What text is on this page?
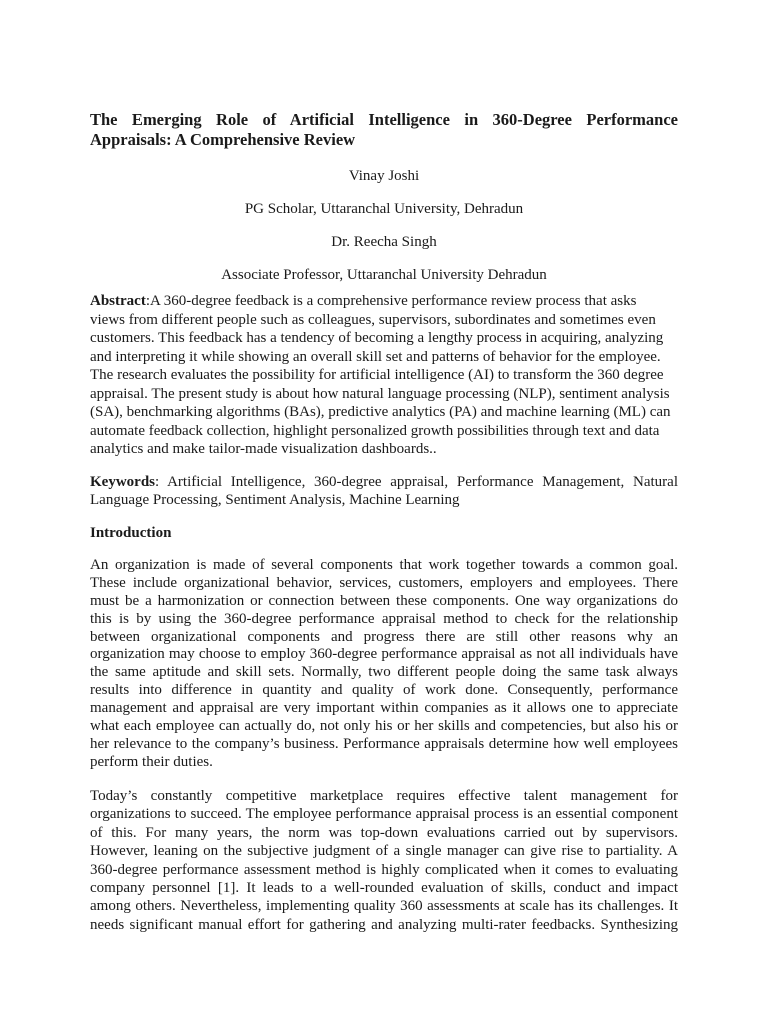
The Emerging Role of Artificial Intelligence in 360-Degree Performance
Appraisals: A Comprehensive Review
Vinay Joshi
PG Scholar, Uttaranchal University, Dehradun
Dr. Reecha Singh
Associate Professor, Uttaranchal University Dehradun
Abstract:A 360-degree feedback is a comprehensive performance review process that asks
views from different people such as colleagues, supervisors, subordinates and sometimes even
customers. This feedback has a tendency of becoming a lengthy process in acquiring, analyzing
and interpreting it while showing an overall skill set and patterns of behavior for the employee.
The research evaluates the possibility for artificial intelligence (AI) to transform the 360 degree
appraisal. The present study is about how natural language processing (NLP), sentiment analysis
(SA), benchmarking algorithms (BAs), predictive analytics (PA) and machine learning (ML) can
automate feedback collection, highlight personalized growth possibilities through text and data
analytics and make tailor-made visualization dashboards..
Keywords: Artificial Intelligence, 360-degree appraisal, Performance Management, Natural
Language Processing, Sentiment Analysis, Machine Learning
Introduction
An organization is made of several components that work together towards a common goal.
These include organizational behavior, services, customers, employers and employees. There
must be a harmonization or connection between these components. One way organizations do
this is by using the 360-degree performance appraisal method to check for the relationship
between organizational components and progress there are still other reasons why an
organization may choose to employ 360-degree performance appraisal as not all individuals have
the same aptitude and skill sets. Normally, two different people doing the same task always
results into difference in quantity and quality of work done. Consequently, performance
management and appraisal are very important within companies as it allows one to appreciate
what each employee can actually do, not only his or her skills and competencies, but also his or
her relevance to the company’s business. Performance appraisals determine how well employees
perform their duties.
Today’s constantly competitive marketplace requires effective talent management for
organizations to succeed. The employee performance appraisal process is an essential component
of this. For many years, the norm was top-down evaluations carried out by supervisors.
However, leaning on the subjective judgment of a single manager can give rise to partiality. A
360-degree performance assessment method is highly complicated when it comes to evaluating
company personnel [1]. It leads to a well-rounded evaluation of skills, conduct and impact
among others. Nevertheless, implementing quality 360 assessments at scale has its challenges. It
needs significant manual effort for gathering and analyzing multi-rater feedbacks. Synthesizing
